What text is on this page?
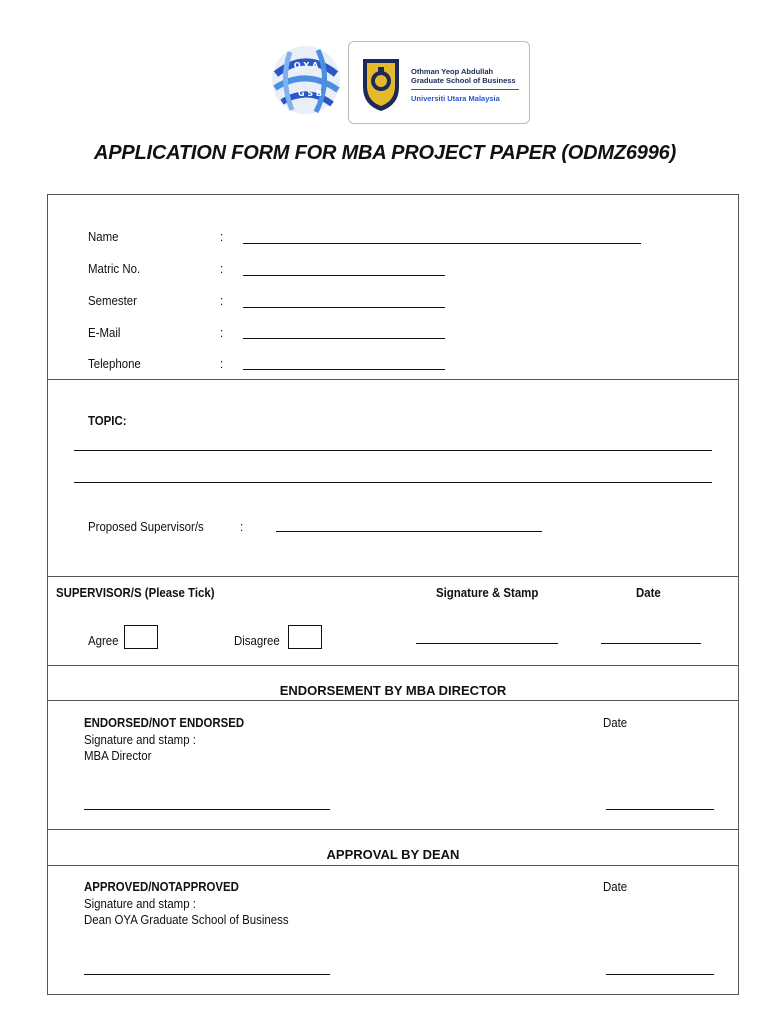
O Y A
G S B
Othman Yeop Abdullah
Graduate School of Business
Universiti Utara Malaysia
APPLICATION FORM FOR MBA PROJECT PAPER (ODMZ6996)
Name	:
Matric No.	:
Semester	:
E-Mail	:
Telephone	:
TOPIC:
Proposed Supervisor/s	:
SUPERVISOR/S (Please Tick)	Signature & Stamp	Date
Agree	Disagree
ENDORSEMENT BY MBA DIRECTOR
ENDORSED/NOT ENDORSED
Signature and stamp :
MBA Director
Date
APPROVAL BY DEAN
APPROVED/NOTAPPROVED
Signature and stamp :
Dean OYA Graduate School of Business
Date
